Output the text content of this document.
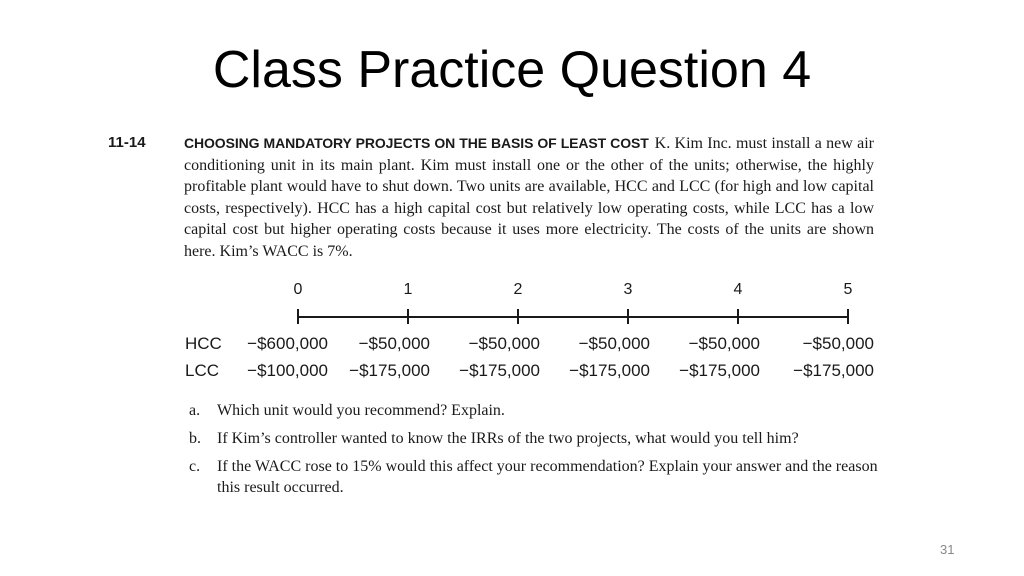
Class Practice Question 4
11-14	CHOOSING MANDATORY PROJECTS ON THE BASIS OF LEAST COST K. Kim Inc. must install a new air conditioning unit in its main plant. Kim must install one or the other of the units; otherwise, the highly profitable plant would have to shut down. Two units are available, HCC and LCC (for high and low capital costs, respectively). HCC has a high capital cost but relatively low operating costs, while LCC has a low capital cost but higher operating costs because it uses more electricity. The costs of the units are shown here. Kim’s WACC is 7%.
0	1	2	3	4	5
HCC	−$600,000	−$50,000	−$50,000	−$50,000	−$50,000	−$50,000
LCC	−$100,000	−$175,000	−$175,000	−$175,000	−$175,000	−$175,000
a.	Which unit would you recommend? Explain.
b.	If Kim’s controller wanted to know the IRRs of the two projects, what would you tell him?
c.	If the WACC rose to 15% would this affect your recommendation? Explain your answer and the reason this result occurred.
31
